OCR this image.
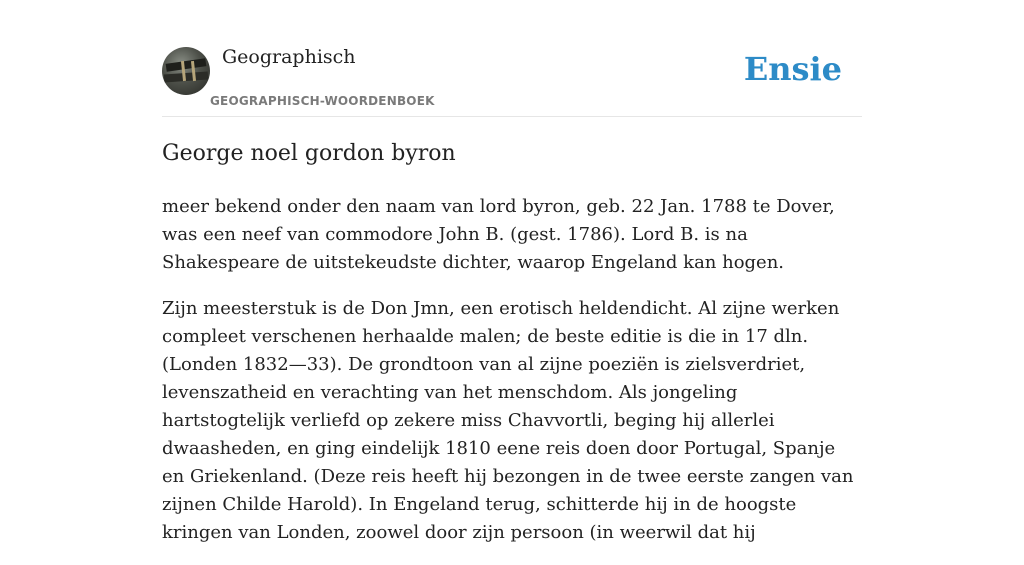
Geographisch
GEOGRAPHISCH-WOORDENBOEK
Ensie
George noel gordon byron

meer bekend onder den naam van lord byron, geb. 22 Jan. 1788 te Dover, was een neef van commodore John B. (gest. 1786). Lord B. is na Shakespeare de uitstekeudste dichter, waarop Engeland kan hogen.

Zijn meesterstuk is de Don Jmn, een erotisch heldendicht. Al zijne werken compleet verschenen herhaalde malen; de beste editie is die in 17 dln. (Londen 1832—33). De grondtoon van al zijne poeziën is zielsverdriet, levenszatheid en verachting van het menschdom. Als jongeling hartstogtelijk verliefd op zekere miss Chavvortli, beging hij allerlei dwaasheden, en ging eindelijk 1810 eene reis doen door Portugal, Spanje en Griekenland. (Deze reis heeft hij bezongen in de twee eerste zangen van zijnen Childe Harold). In Engeland terug, schitterde hij in de hoogste kringen van Londen, zoowel door zijn persoon (in weerwil dat hij
